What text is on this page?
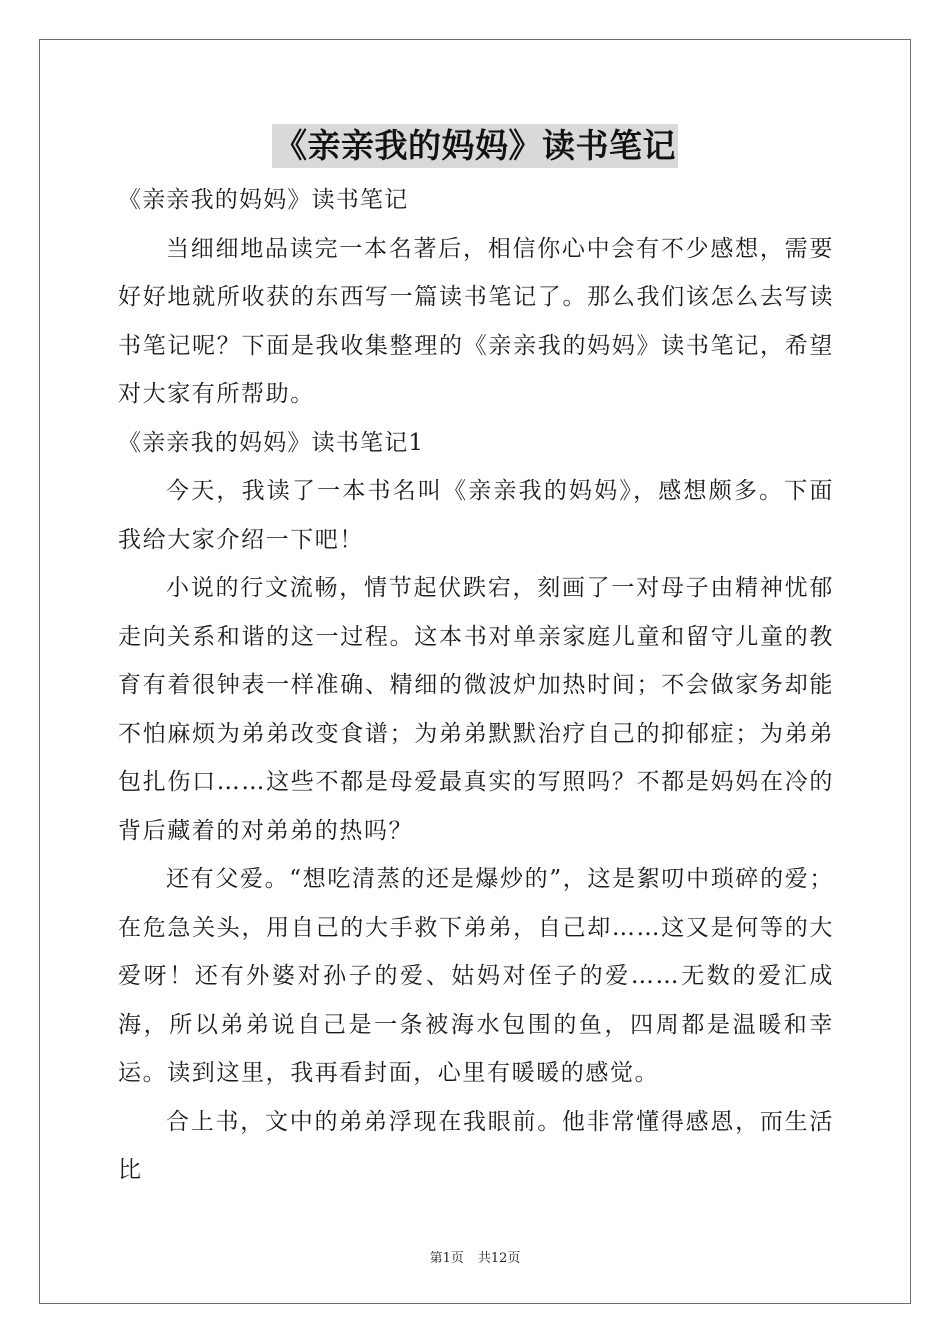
《亲亲我的妈妈》读书笔记

《亲亲我的妈妈》读书笔记

当细细地品读完一本名著后，相信你心中会有不少感想，需要好好地就所收获的东西写一篇读书笔记了。那么我们该怎么去写读书笔记呢？下面是我收集整理的《亲亲我的妈妈》读书笔记，希望对大家有所帮助。

《亲亲我的妈妈》读书笔记1

今天，我读了一本书名叫《亲亲我的妈妈》，感想颇多。下面我给大家介绍一下吧！

小说的行文流畅，情节起伏跌宕，刻画了一对母子由精神忧郁走向关系和谐的这一过程。这本书对单亲家庭儿童和留守儿童的教育有着很钟表一样准确、精细的微波炉加热时间；不会做家务却能不怕麻烦为弟弟改变食谱；为弟弟默默治疗自己的抑郁症；为弟弟包扎伤口……这些不都是母爱最真实的写照吗？不都是妈妈在冷的背后藏着的对弟弟的热吗？

还有父爱。“想吃清蒸的还是爆炒的”，这是絮叨中琐碎的爱；在危急关头，用自己的大手救下弟弟，自己却……这又是何等的大爱呀！还有外婆对孙子的爱、姑妈对侄子的爱……无数的爱汇成海，所以弟弟说自己是一条被海水包围的鱼，四周都是温暖和幸运。读到这里，我再看封面，心里有暖暖的感觉。

合上书，文中的弟弟浮现在我眼前。他非常懂得感恩，而生活比

第1页 共12页
